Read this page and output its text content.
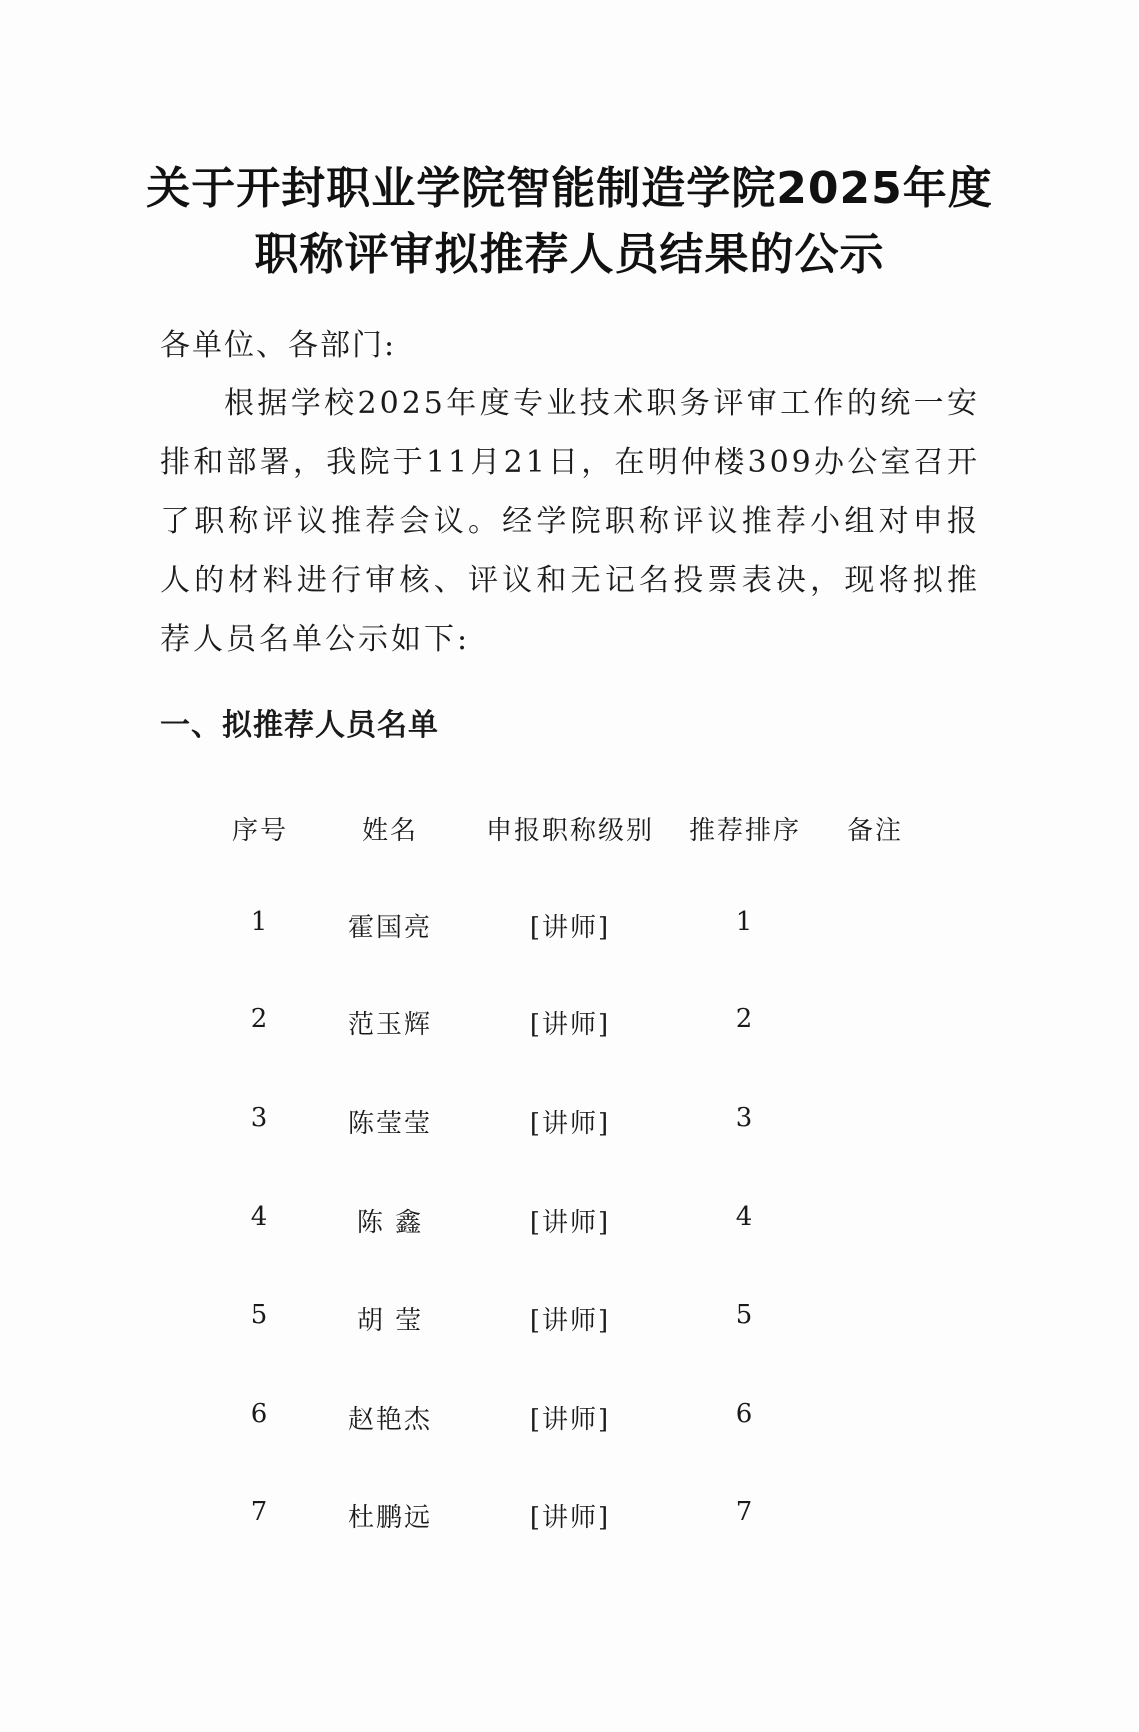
关于开封职业学院智能制造学院2025年度
职称评审拟推荐人员结果的公示
各单位、各部门:

根据学校2025年度专业技术职务评审工作的统一安排和部署，我院于11月21日，在明仲楼309办公室召开了职称评议推荐会议。经学院职称评议推荐小组对申报人的材料进行审核、评议和无记名投票表决，现将拟推荐人员名单公示如下:

一、拟推荐人员名单
序号	姓名	申报职称级别	推荐排序	备注
1	霍国亮	[讲师]	1
2	范玉辉	[讲师]	2
3	陈莹莹	[讲师]	3
4	陈 鑫	[讲师]	4
5	胡 莹	[讲师]	5
6	赵艳杰	[讲师]	6
7	杜鹏远	[讲师]	7
